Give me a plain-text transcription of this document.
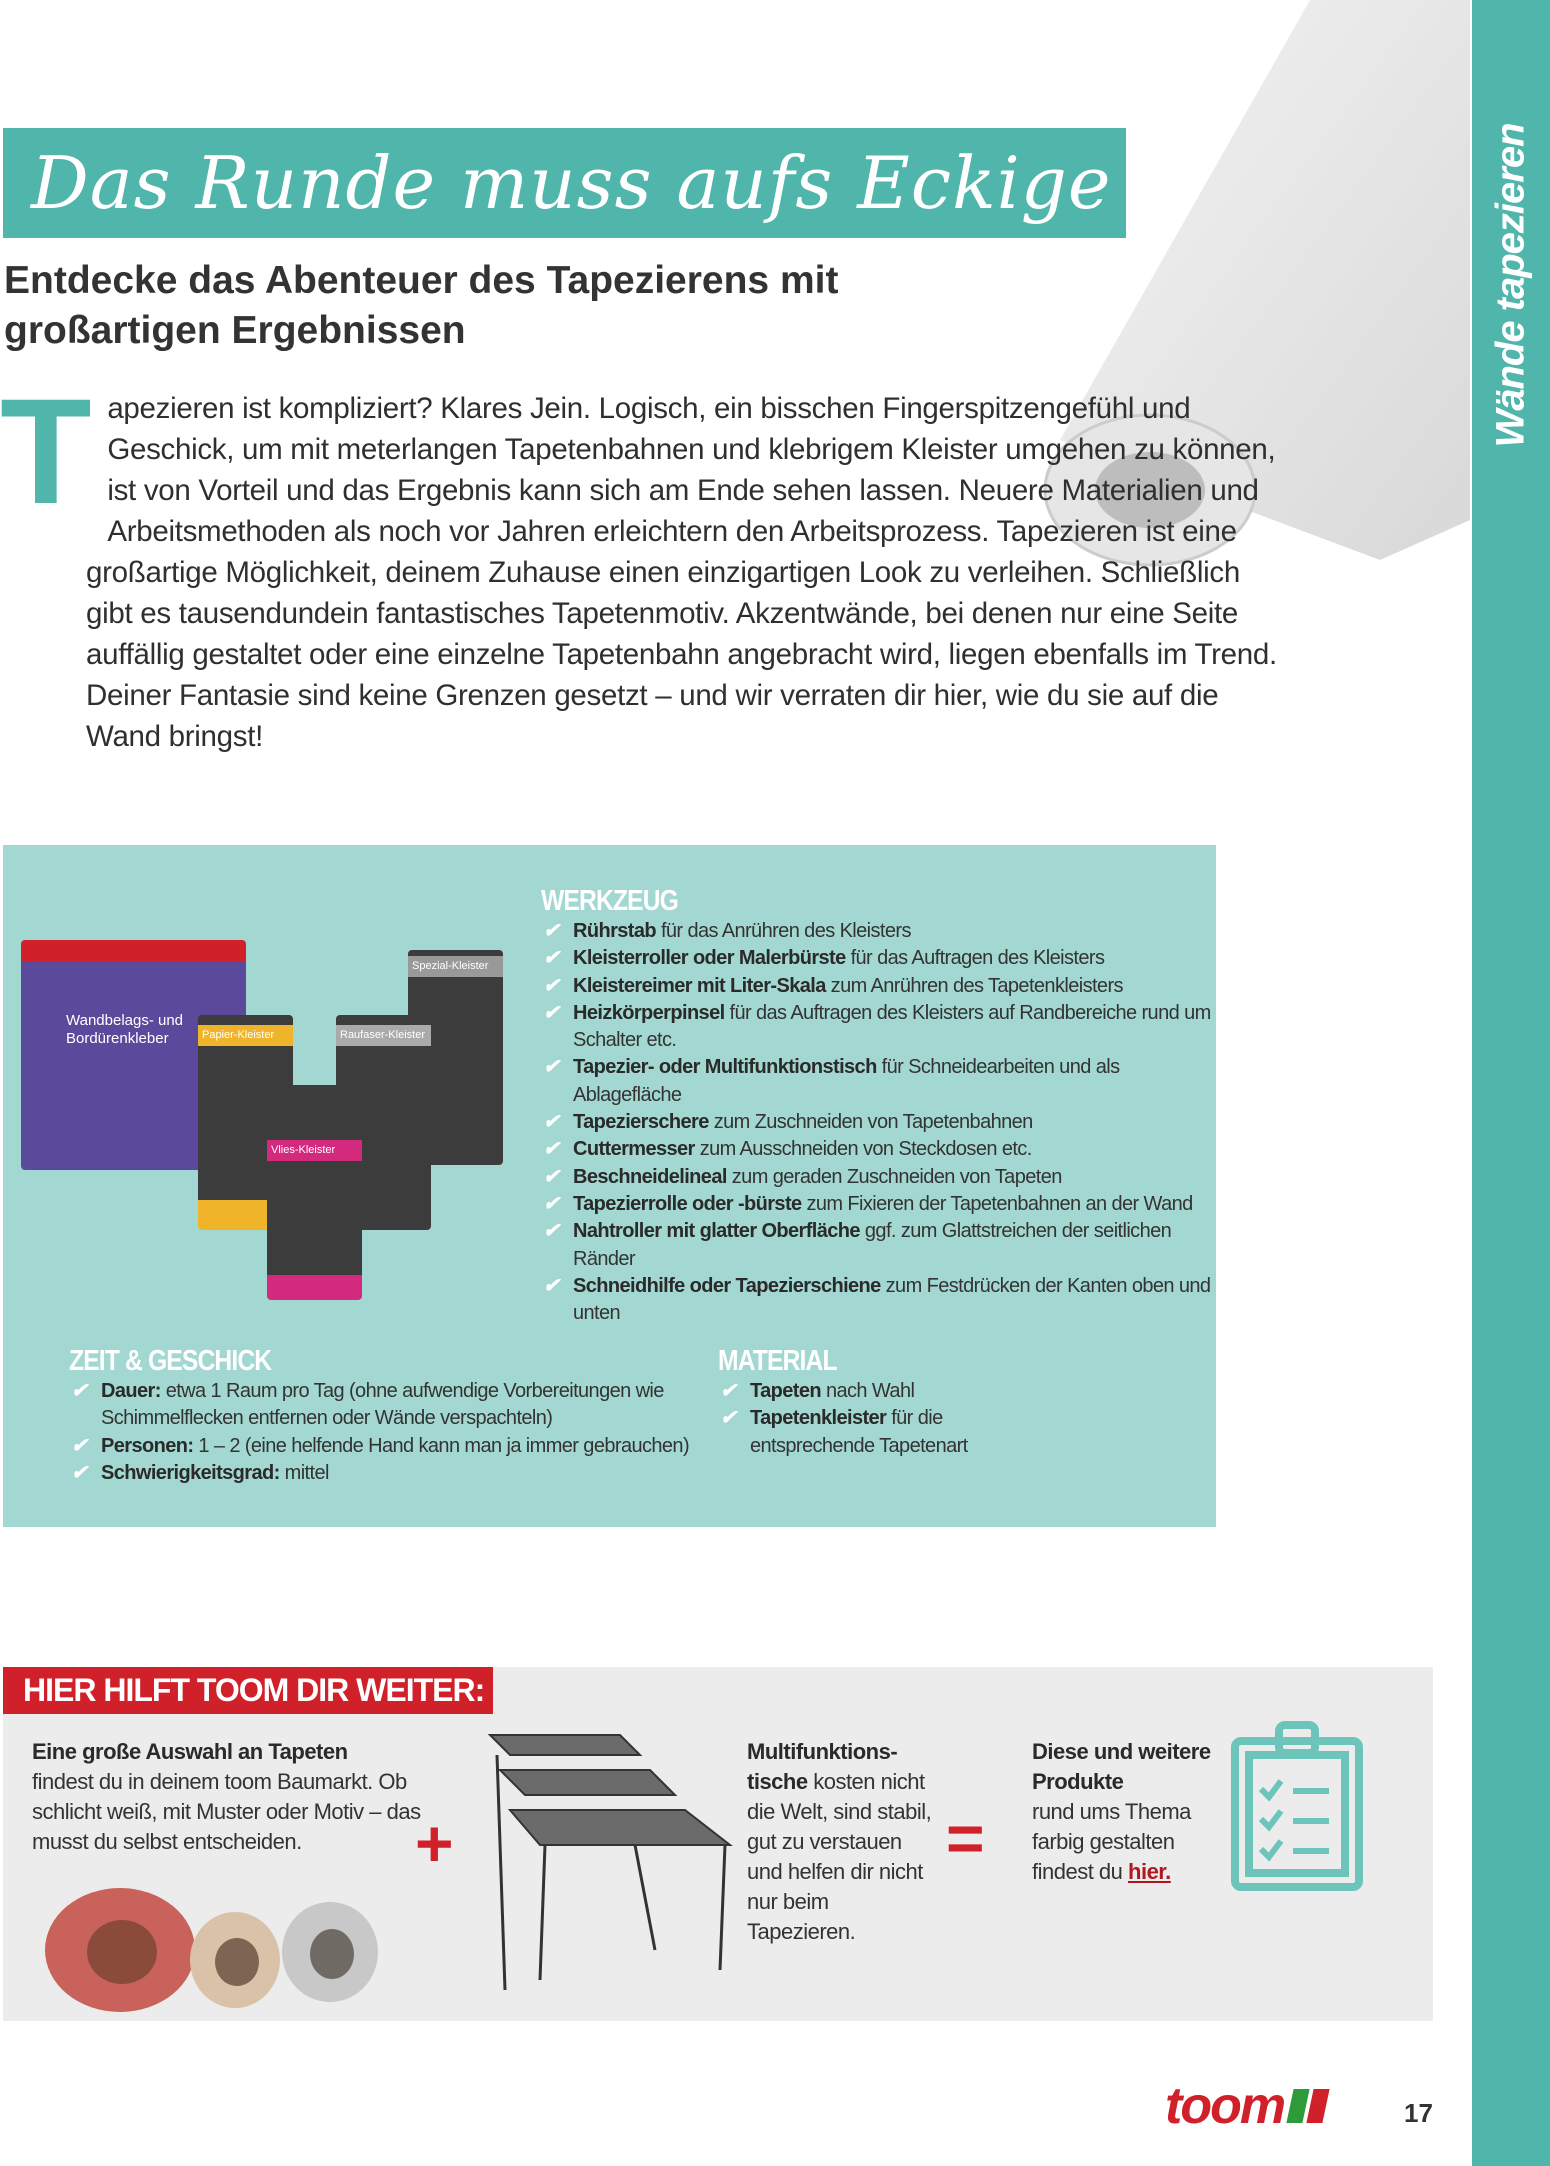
Wände tapezieren
Das Runde muss aufs Eckige
Entdecke das Abenteuer des Tapezierens mit großartigen Ergebnissen
T apezieren ist kompliziert? Klares Jein. Logisch, ein bisschen Fingerspitzengefühl und Geschick, um mit meterlangen Tapetenbahnen und klebrigem Kleister umgehen zu können, ist von Vorteil und das Ergebnis kann sich am Ende sehen lassen. Neuere Materialien und Arbeitsmethoden als noch vor Jahren erleichtern den Arbeitsprozess. Tapezieren ist eine großartige Möglichkeit, deinem Zuhause einen einzigartigen Look zu verleihen. Schließlich gibt es tausendundein fantastisches Tapetenmotiv. Akzentwände, bei denen nur eine Seite auffällig gestaltet oder eine einzelne Tapetenbahn angebracht wird, liegen ebenfalls im Trend. Deiner Fantasie sind keine Grenzen gesetzt – und wir verraten dir hier, wie du sie auf die Wand bringst!
Wandbelags- und Bordürenkleber
Spezial-Kleister
Raufaser-Kleister
Papier-Kleister
Vlies-Kleister
WERKZEUG
✔ Rührstab für das Anrühren des Kleisters
✔ Kleisterroller oder Malerbürste für das Auftragen des Kleisters
✔ Kleistereimer mit Liter-Skala zum Anrühren des Tapetenkleisters
✔ Heizkörperpinsel für das Auftragen des Kleisters auf Randbereiche rund um Schalter etc.
✔ Tapezier- oder Multifunktionstisch für Schneidearbeiten und als Ablagefläche
✔ Tapezierschere zum Zuschneiden von Tapetenbahnen
✔ Cuttermesser zum Ausschneiden von Steckdosen etc.
✔ Beschneidelineal zum geraden Zuschneiden von Tapeten
✔ Tapezierrolle oder -bürste zum Fixieren der Tapetenbahnen an der Wand
✔ Nahtroller mit glatter Oberfläche ggf. zum Glattstreichen der seitlichen Ränder
✔ Schneidhilfe oder Tapezierschiene zum Festdrücken der Kanten oben und unten
ZEIT & GESCHICK
✔ Dauer: etwa 1 Raum pro Tag (ohne aufwendige Vorbereitungen wie Schimmelflecken entfernen oder Wände verspachteln)
✔ Personen: 1 – 2 (eine helfende Hand kann man ja immer gebrauchen)
✔ Schwierigkeitsgrad: mittel
MATERIAL
✔ Tapeten nach Wahl
✔ Tapetenkleister für die entsprechende Tapetenart
HIER HILFT TOOM DIR WEITER:
Eine große Auswahl an Tapeten
findest du in deinem toom Baumarkt. Ob schlicht weiß, mit Muster oder Motiv – das musst du selbst entscheiden.	+
Multifunktionstische kosten nicht die Welt, sind stabil, gut zu verstauen und helfen dir nicht nur beim Tapezieren.
=
Diese und weitere Produkte
rund ums Thema farbig gestalten findest du hier.
toom	17
